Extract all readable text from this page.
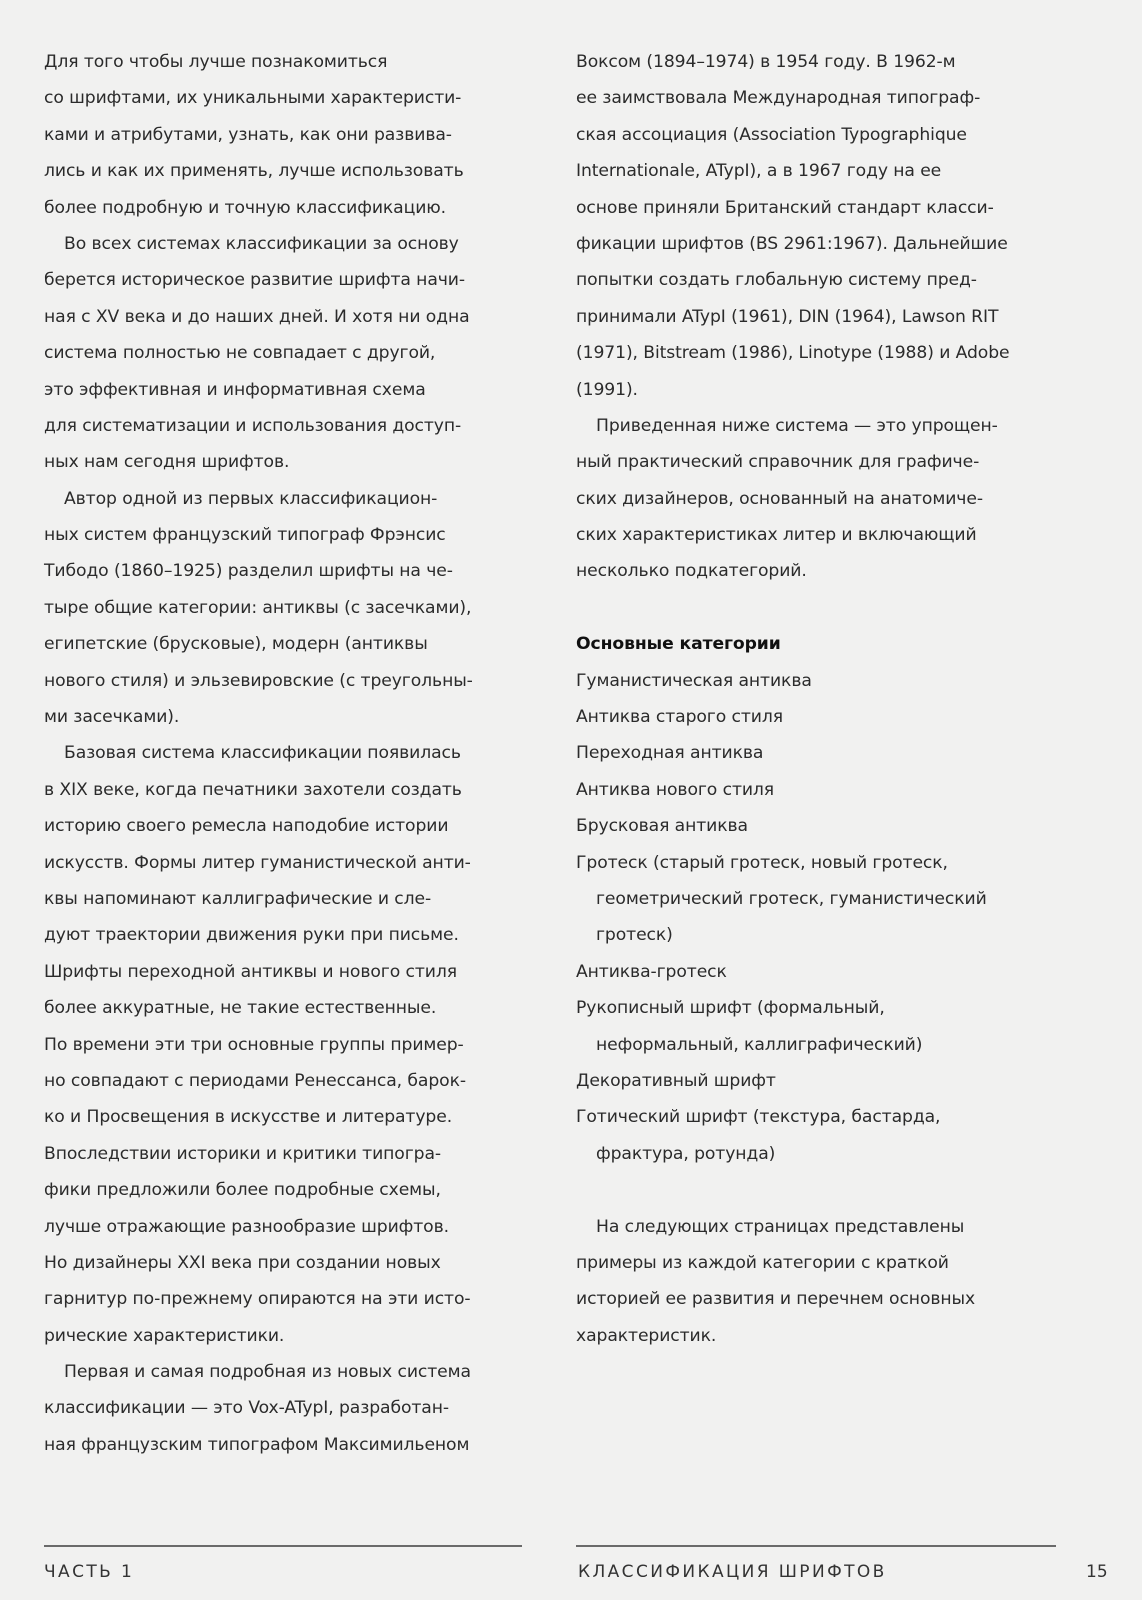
Для того чтобы лучше познакомиться
со шрифтами, их уникальными характеристи-
ками и атрибутами, узнать, как они развива-
лись и как их применять, лучше использовать
более подробную и точную классификацию.
Во всех системах классификации за основу
берется историческое развитие шрифта начи-
ная с XV века и до наших дней. И хотя ни одна
система полностью не совпадает с другой,
это эффективная и информативная схема
для систематизации и использования доступ-
ных нам сегодня шрифтов.
Автор одной из первых классификацион-
ных систем французский типограф Фрэнсис
Тибодо (1860–1925) разделил шрифты на че-
тыре общие категории: антиквы (с засечками),
египетские (брусковые), модерн (антиквы
нового стиля) и эльзевировские (с треугольны-
ми засечками).
Базовая система классификации появилась
в XIX веке, когда печатники захотели создать
историю своего ремесла наподобие истории
искусств. Формы литер гуманистической анти-
квы напоминают каллиграфические и сле-
дуют траектории движения руки при письме.
Шрифты переходной антиквы и нового стиля
более аккуратные, не такие естественные.
По времени эти три основные группы пример-
но совпадают с периодами Ренессанса, барок-
ко и Просвещения в искусстве и литературе.
Впоследствии историки и критики типогра-
фики предложили более подробные схемы,
лучше отражающие разнообразие шрифтов.
Но дизайнеры XXI века при создании новых
гарнитур по-прежнему опираются на эти исто-
рические характеристики.
Первая и самая подробная из новых система
классификации — это Vox-ATypI, разработан-
ная французским типографом Максимильеном
Воксом (1894–1974) в 1954 году. В 1962-м
ее заимствовала Международная типограф-
ская ассоциация (Association Typographique
Internationale, ATypI), а в 1967 году на ее
основе приняли Британский стандарт класси-
фикации шрифтов (BS 2961:1967). Дальнейшие
попытки создать глобальную систему пред-
принимали ATypI (1961), DIN (1964), Lawson RIT
(1971), Bitstream (1986), Linotype (1988) и Adobe
(1991).
Приведенная ниже система — это упрощен-
ный практический справочник для графиче-
ских дизайнеров, основанный на анатомиче-
ских характеристиках литер и включающий
несколько подкатегорий.
Основные категории
Гуманистическая антиква
Антиква старого стиля
Переходная антиква
Антиква нового стиля
Брусковая антиква
Гротеск (старый гротеск, новый гротеск,
геометрический гротеск, гуманистический
гротеск)
Антиква-гротеск
Рукописный шрифт (формальный,
неформальный, каллиграфический)
Декоративный шрифт
Готический шрифт (текстура, бастарда,
фрактура, ротунда)
На следующих страницах представлены
примеры из каждой категории с краткой
историей ее развития и перечнем основных
характеристик.
ЧАСТЬ 1	КЛАССИФИКАЦИЯ ШРИФТОВ	15
